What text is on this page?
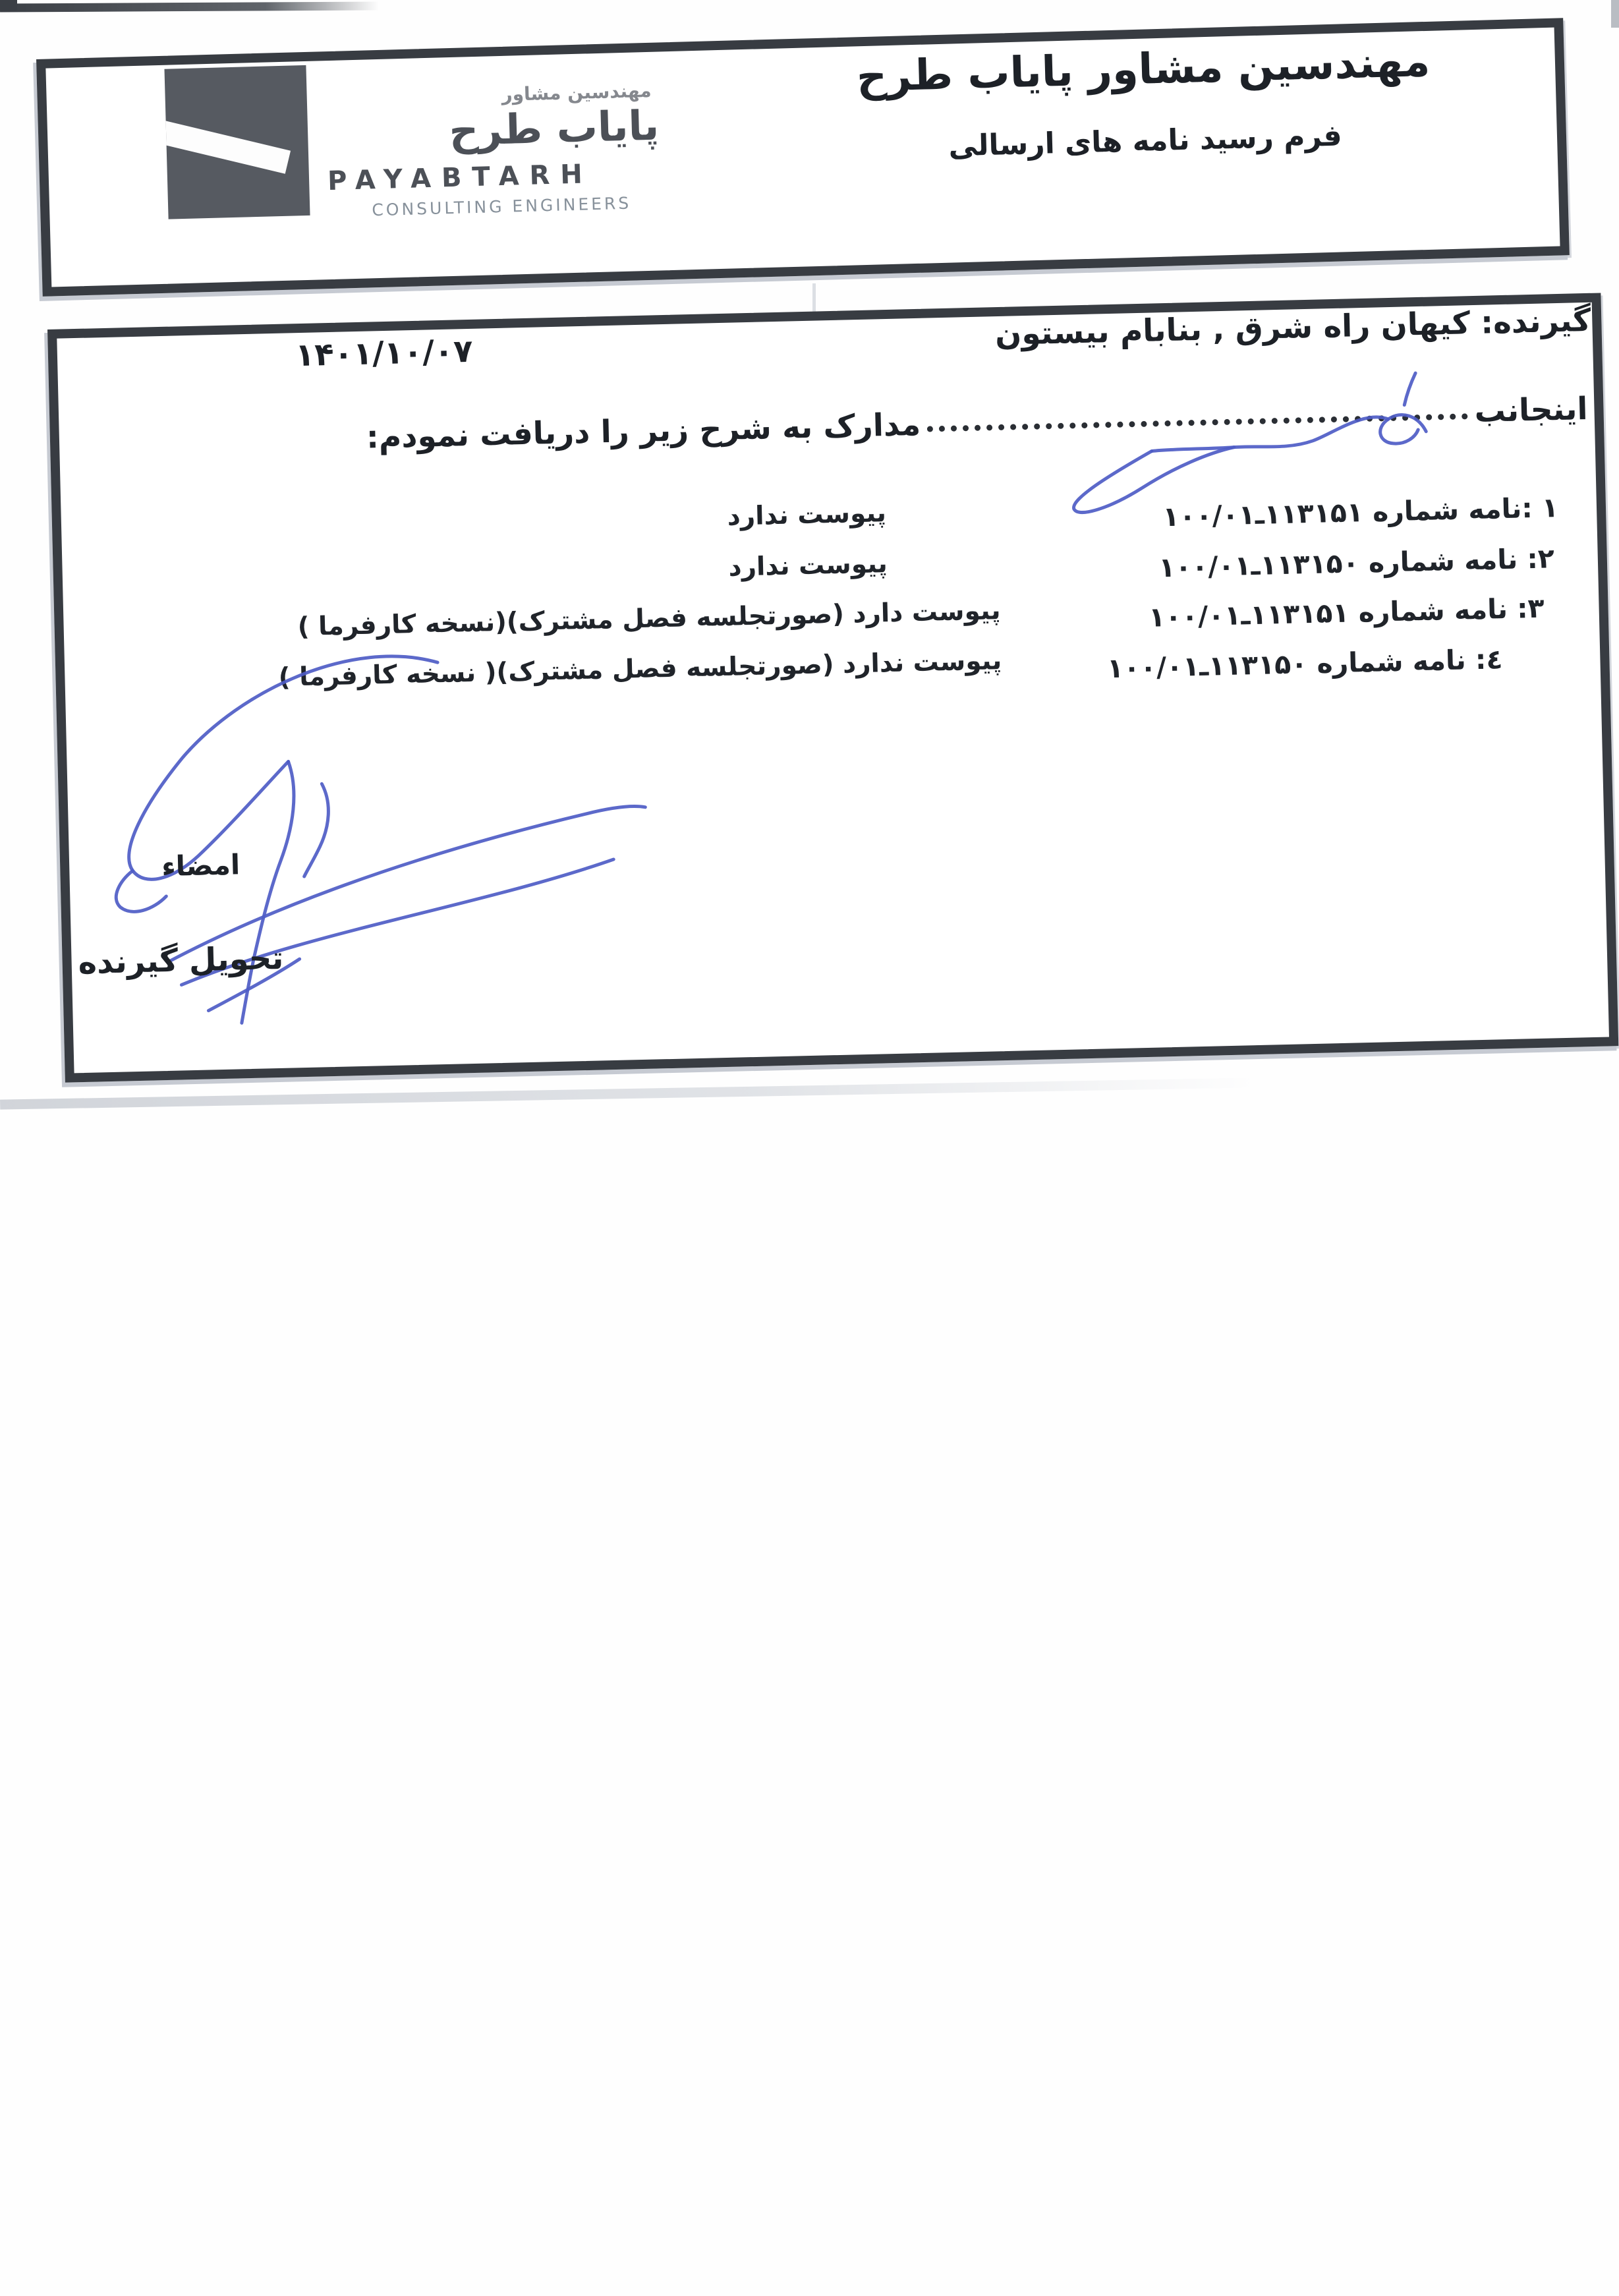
مهندسین مشاور
پایاب طرح
PAYABTARH
CONSULTING ENGINEERS
مهندسین مشاور پایاب طرح
فرم رسید نامه های ارسالی
گیرنده: کیهان راه شرق , بنابام بیستون
۱۴۰۱/۱۰/۰۷
اینجانب
مدارک به شرح زیر را دریافت نمودم:
۱ :نامه شماره ۱۱۳۱۵۱ـ۱۰۰/۰۱
پیوست ندارد
۲: نامه شماره ۱۱۳۱۵۰ـ۱۰۰/۰۱
پیوست ندارد
۳: نامه شماره ۱۱۳۱۵۱ـ۱۰۰/۰۱
پیوست دارد (صورتجلسه فصل مشترک)(نسخه کارفرما )
٤: نامه شماره ۱۱۳۱۵۰ـ۱۰۰/۰۱
پیوست ندارد (صورتجلسه فصل مشترک)( نسخه کارفرما )
امضاء
تحویل گیرنده
